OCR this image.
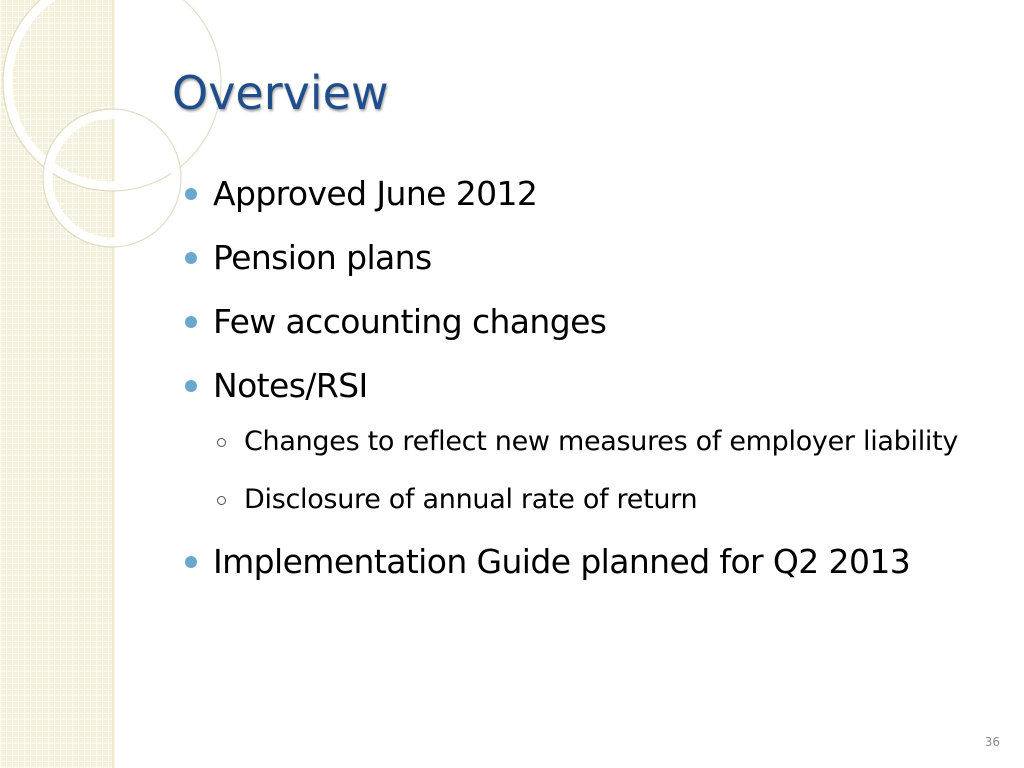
Overview
Approved June 2012
Pension plans
Few accounting changes
Notes/RSI
Changes to reflect new measures of employer liability
Disclosure of annual rate of return
Implementation Guide planned for Q2 2013
36
